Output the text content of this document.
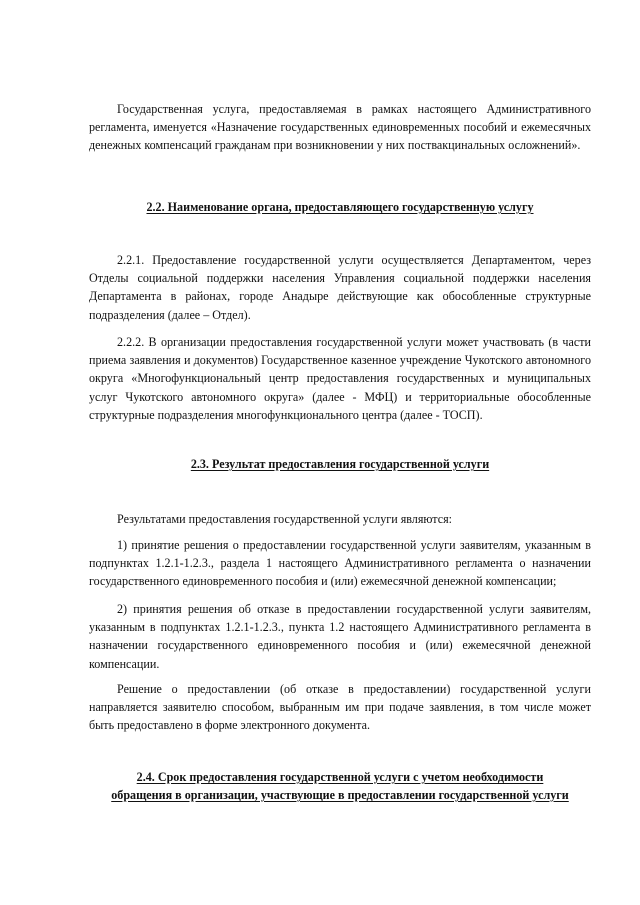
Государственная услуга, предоставляемая в рамках настоящего Административного регламента, именуется «Назначение государственных единовременных пособий и ежемесячных денежных компенсаций гражданам при возникновении у них поствакцинальных осложнений».

2.2. Наименование органа, предоставляющего государственную услугу

2.2.1. Предоставление государственной услуги осуществляется Департаментом, через Отделы социальной поддержки населения Управления социальной поддержки населения Департамента в районах, городе Анадыре действующие как обособленные структурные подразделения (далее – Отдел).

2.2.2. В организации предоставления государственной услуги может участвовать (в части приема заявления и документов) Государственное казенное учреждение Чукотского автономного округа «Многофункциональный центр предоставления государственных и муниципальных услуг Чукотского автономного округа» (далее - МФЦ) и территориальные обособленные структурные подразделения многофункционального центра (далее - ТОСП).

2.3. Результат предоставления государственной услуги

Результатами предоставления государственной услуги являются:

1) принятие решения о предоставлении государственной услуги заявителям, указанным в подпунктах 1.2.1-1.2.3., раздела 1 настоящего Административного регламента о назначении государственного единовременного пособия и (или) ежемесячной денежной компенсации;

2) принятия решения об отказе в предоставлении государственной услуги заявителям, указанным в подпунктах 1.2.1-1.2.3., пункта 1.2 настоящего Административного регламента в назначении государственного единовременного пособия и (или) ежемесячной денежной компенсации.

Решение о предоставлении (об отказе в предоставлении) государственной услуги направляется заявителю способом, выбранным им при подаче заявления, в том числе может быть предоставлено в форме электронного документа.

2.4. Срок предоставления государственной услуги с учетом необходимости
обращения в организации, участвующие в предоставлении государственной услуги
